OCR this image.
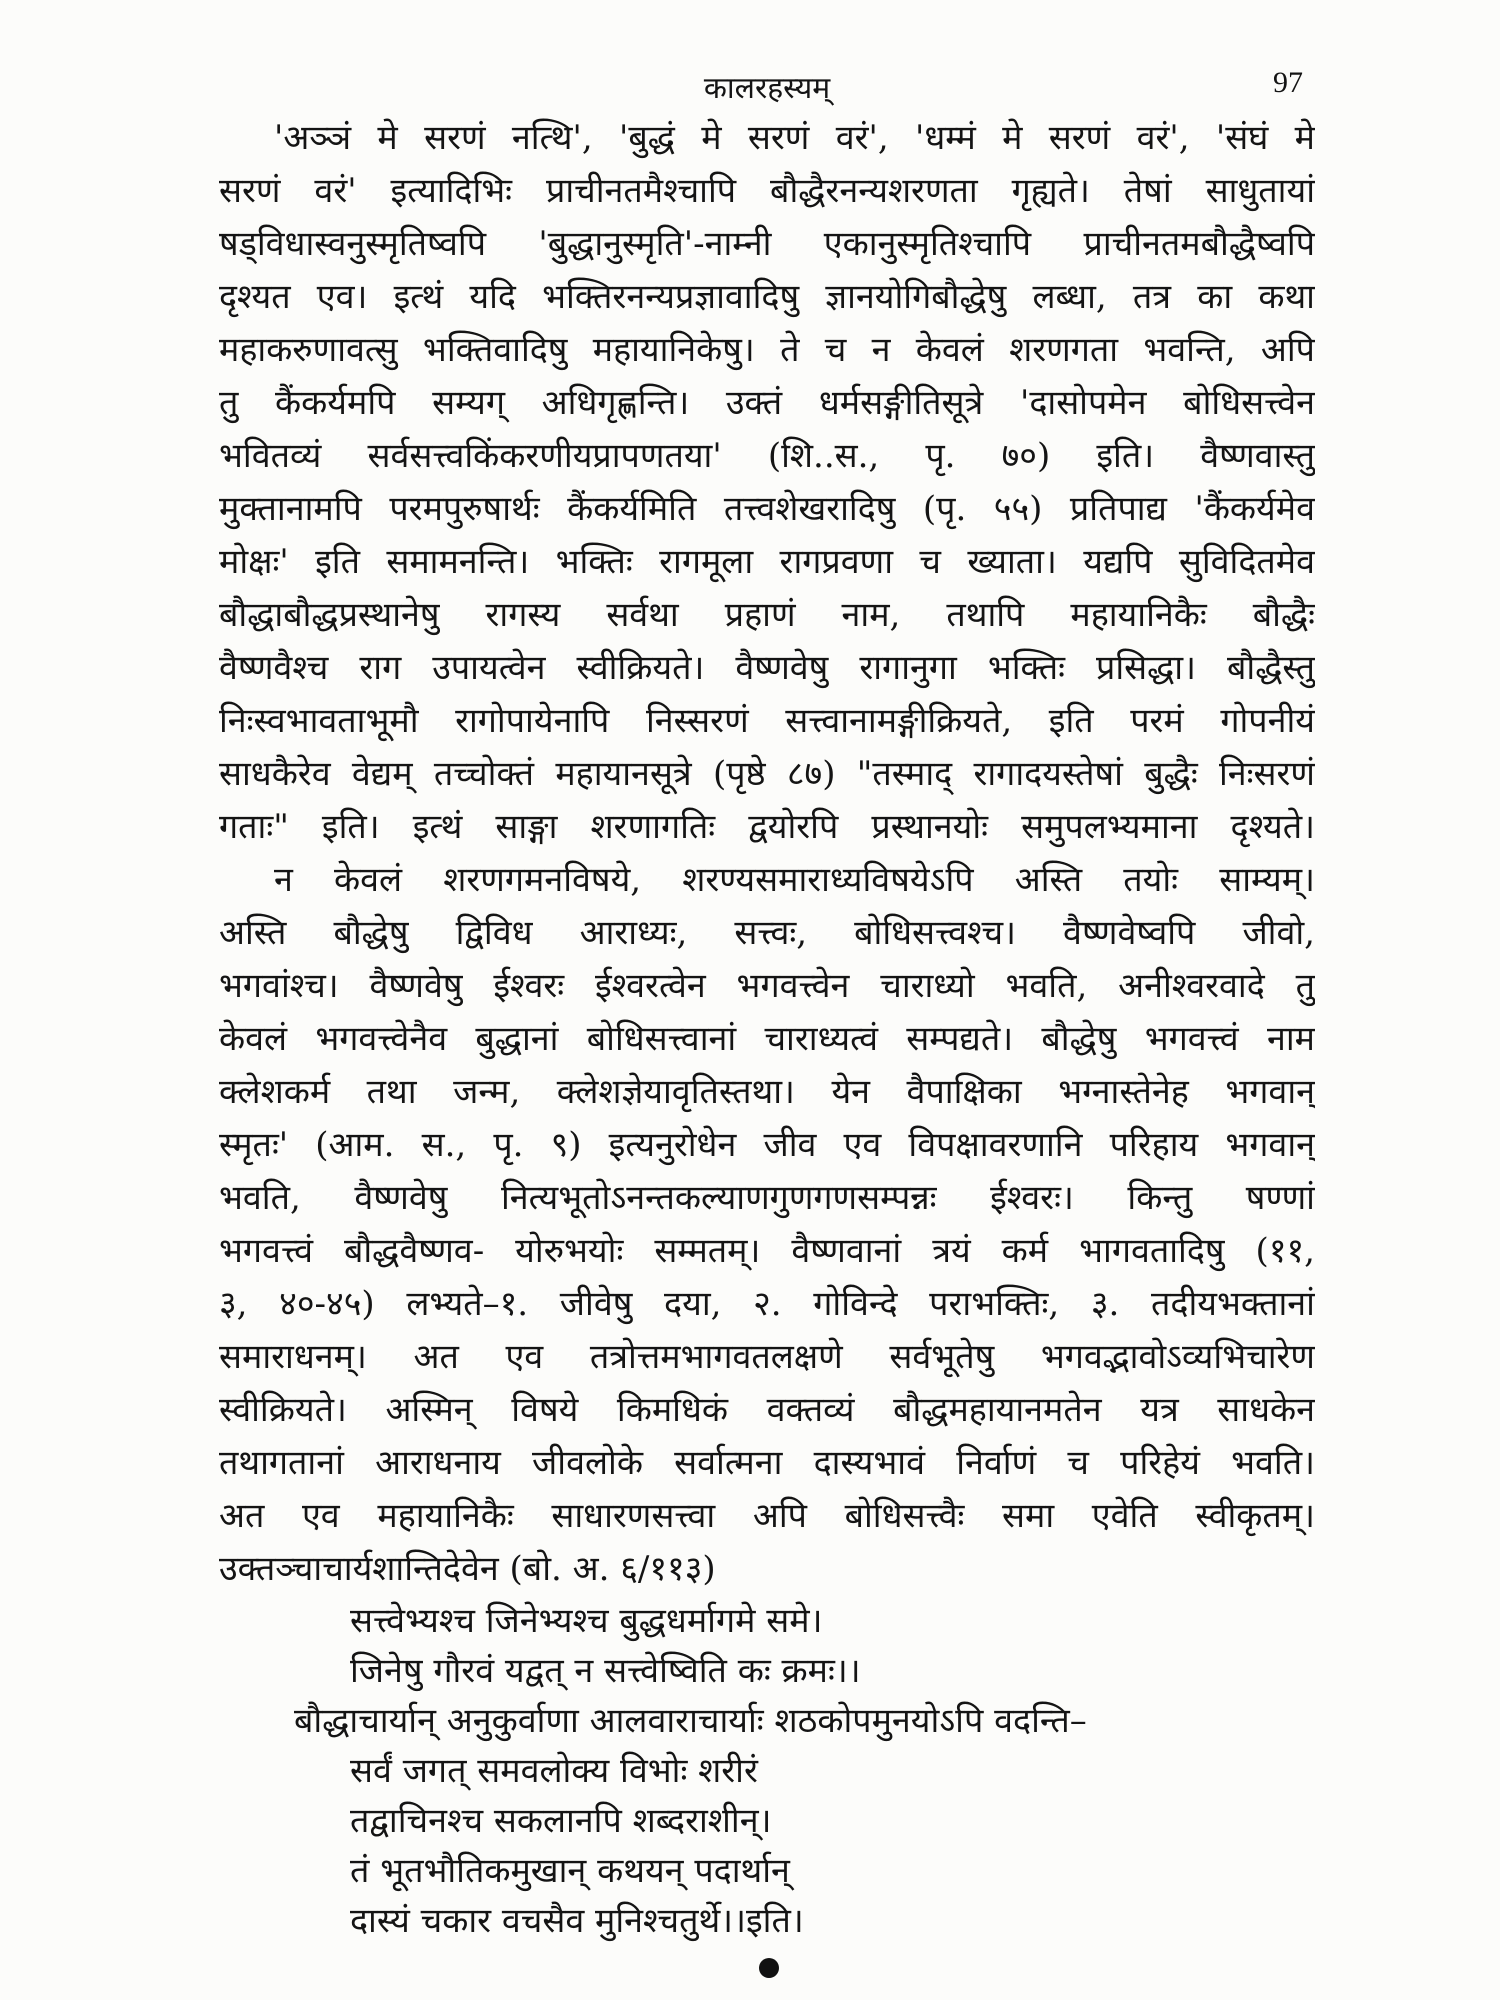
कालरहस्यम्	97
'अञ्ञं मे सरणं नत्थि', 'बुद्धं मे सरणं वरं', 'धम्मं मे सरणं वरं', 'संघं मे
सरणं वरं' इत्यादिभिः प्राचीनतमैश्चापि बौद्धैरनन्यशरणता गृह्यते। तेषां साधुतायां
षड्विधास्वनुस्मृतिष्वपि 'बुद्धानुस्मृति'-नाम्नी एकानुस्मृतिश्चापि प्राचीनतमबौद्धैष्वपि
दृश्यत एव। इत्थं यदि भक्तिरनन्यप्रज्ञावादिषु ज्ञानयोगिबौद्धेषु लब्धा, तत्र का कथा
महाकरुणावत्सु भक्तिवादिषु महायानिकेषु। ते च न केवलं शरणगता भवन्ति, अपि
तु कैंकर्यमपि सम्यग् अधिगृह्णन्ति। उक्तं धर्मसङ्गीतिसूत्रे 'दासोपमेन बोधिसत्त्वेन
भवितव्यं सर्वसत्त्वकिंकरणीयप्रापणतया' (शि..स., पृ. ७०) इति। वैष्णवास्तु
मुक्तानामपि परमपुरुषार्थः कैंकर्यमिति तत्त्वशेखरादिषु (पृ. ५५) प्रतिपाद्य 'कैंकर्यमेव
मोक्षः' इति समामनन्ति। भक्तिः रागमूला रागप्रवणा च ख्याता। यद्यपि सुविदितमेव
बौद्धाबौद्धप्रस्थानेषु रागस्य सर्वथा प्रहाणं नाम, तथापि महायानिकैः बौद्धैः
वैष्णवैश्च राग उपायत्वेन स्वीक्रियते। वैष्णवेषु रागानुगा भक्तिः प्रसिद्धा। बौद्धैस्तु
निःस्वभावताभूमौ रागोपायेनापि निस्सरणं सत्त्वानामङ्गीक्रियते, इति परमं गोपनीयं
साधकैरेव वेद्यम् तच्चोक्तं महायानसूत्रे (पृष्ठे ८७) "तस्माद् रागादयस्तेषां बुद्धैः निःसरणं
गताः" इति। इत्थं साङ्गा शरणागतिः द्वयोरपि प्रस्थानयोः समुपलभ्यमाना दृश्यते।
न केवलं शरणगमनविषये, शरण्यसमाराध्यविषयेऽपि अस्ति तयोः साम्यम्।
अस्ति बौद्धेषु द्विविध आराध्यः, सत्त्वः, बोधिसत्त्वश्च। वैष्णवेष्वपि जीवो,
भगवांश्च। वैष्णवेषु ईश्वरः ईश्वरत्वेन भगवत्त्वेन चाराध्यो भवति, अनीश्वरवादे तु
केवलं भगवत्त्वेनैव बुद्धानां बोधिसत्त्वानां चाराध्यत्वं सम्पद्यते। बौद्धेषु भगवत्त्वं नाम
क्लेशकर्म तथा जन्म, क्लेशज्ञेयावृतिस्तथा। येन वैपाक्षिका भग्नास्तेनेह भगवान्
स्मृतः' (आम. स., पृ. ९) इत्यनुरोधेन जीव एव विपक्षावरणानि परिहाय भगवान्
भवति, वैष्णवेषु नित्यभूतोऽनन्तकल्याणगुणगणसम्पन्नः ईश्वरः। किन्तु षण्णां
भगवत्त्वं बौद्धवैष्णव- योरुभयोः सम्मतम्। वैष्णवानां त्रयं कर्म भागवतादिषु (११,
३, ४०-४५) लभ्यते–१. जीवेषु दया, २. गोविन्दे पराभक्तिः, ३. तदीयभक्तानां
समाराधनम्। अत एव तत्रोत्तमभागवतलक्षणे सर्वभूतेषु भगवद्भावोऽव्यभिचारेण
स्वीक्रियते। अस्मिन् विषये किमधिकं वक्तव्यं बौद्धमहायानमतेन यत्र साधकेन
तथागतानां आराधनाय जीवलोके सर्वात्मना दास्यभावं निर्वाणं च परिहेयं भवति।
अत एव महायानिकैः साधारणसत्त्वा अपि बोधिसत्त्वैः समा एवेति स्वीकृतम्।
उक्तञ्चाचार्यशान्तिदेवेन (बो. अ. ६/११३)
सत्त्वेभ्यश्च जिनेभ्यश्च बुद्धधर्मागमे समे।
जिनेषु गौरवं यद्वत् न सत्त्वेष्विति कः क्रमः।।
बौद्धाचार्यान् अनुकुर्वाणा आलवाराचार्याः शठकोपमुनयोऽपि वदन्ति–
सर्वं जगत् समवलोक्य विभोः शरीरं
तद्वाचिनश्च सकलानपि शब्दराशीन्।
तं भूतभौतिकमुखान् कथयन् पदार्थान्
दास्यं चकार वचसैव मुनिश्चतुर्थे।।इति।
